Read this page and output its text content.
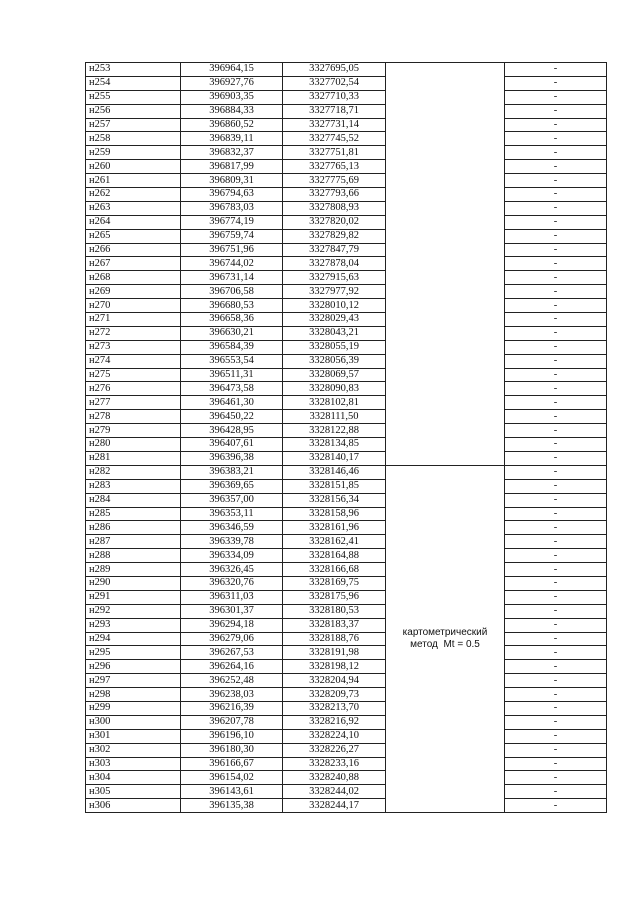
н253	396964,15	3327695,05		-
н254	396927,76	3327702,54		-
н255	396903,35	3327710,33		-
н256	396884,33	3327718,71		-
н257	396860,52	3327731,14		-
н258	396839,11	3327745,52		-
н259	396832,37	3327751,81		-
н260	396817,99	3327765,13		-
н261	396809,31	3327775,69		-
н262	396794,63	3327793,66		-
н263	396783,03	3327808,93		-
н264	396774,19	3327820,02		-
н265	396759,74	3327829,82		-
н266	396751,96	3327847,79		-
н267	396744,02	3327878,04		-
н268	396731,14	3327915,63		-
н269	396706,58	3327977,92		-
н270	396680,53	3328010,12		-
н271	396658,36	3328029,43		-
н272	396630,21	3328043,21		-
н273	396584,39	3328055,19		-
н274	396553,54	3328056,39		-
н275	396511,31	3328069,57		-
н276	396473,58	3328090,83		-
н277	396461,30	3328102,81		-
н278	396450,22	3328111,50		-
н279	396428,95	3328122,88		-
н280	396407,61	3328134,85		-
н281	396396,38	3328140,17		-
н282	396383,21	3328146,46	картометрический
метод  Mt = 0.5	-
н283	396369,65	3328151,85		-
н284	396357,00	3328156,34		-
н285	396353,11	3328158,96		-
н286	396346,59	3328161,96		-
н287	396339,78	3328162,41		-
н288	396334,09	3328164,88		-
н289	396326,45	3328166,68		-
н290	396320,76	3328169,75		-
н291	396311,03	3328175,96		-
н292	396301,37	3328180,53		-
н293	396294,18	3328183,37		-
н294	396279,06	3328188,76		-
н295	396267,53	3328191,98		-
н296	396264,16	3328198,12		-
н297	396252,48	3328204,94		-
н298	396238,03	3328209,73		-
н299	396216,39	3328213,70		-
н300	396207,78	3328216,92		-
н301	396196,10	3328224,10		-
н302	396180,30	3328226,27		-
н303	396166,67	3328233,16		-
н304	396154,02	3328240,88		-
н305	396143,61	3328244,02		-
н306	396135,38	3328244,17		-
